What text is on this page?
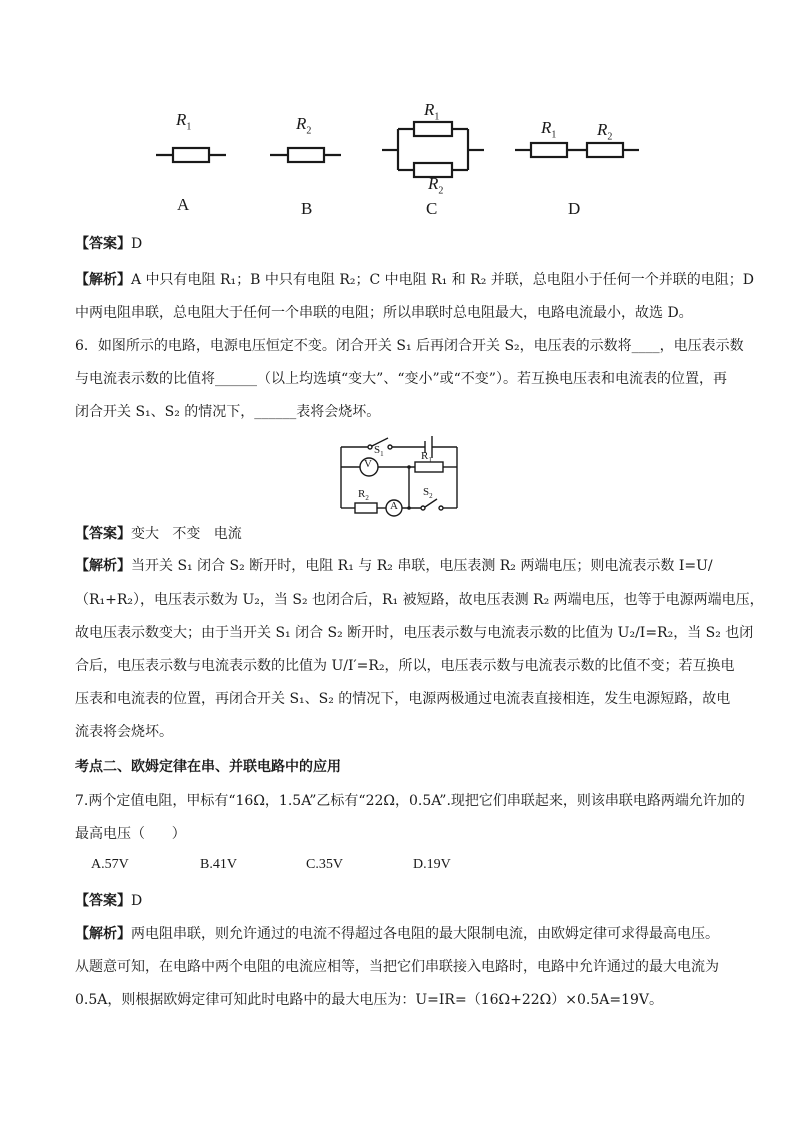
$R_1$	$R_2$
$R_1$
$R_2$
$R_1$ $R_2$
A	B	C	D
【答案】D
【解析】A 中只有电阻 R₁；B 中只有电阻 R₂；C 中电阻 R₁ 和 R₂ 并联，总电阻小于任何一个并联的电阻；D
中两电阻串联，总电阻大于任何一个串联的电阻；所以串联时总电阻最大，电路电流最小，故选 D。
6．如图所示的电路，电源电压恒定不变。闭合开关 S₁ 后再闭合开关 S₂，电压表的示数将____，电压表示数
与电流表示数的比值将______（以上均选填“变大”、“变小”或“不变”）。若互换电压表和电流表的位置，再
闭合开关 S₁、S₂ 的情况下，______表将会烧坏。
V
A
$S_1$	$R_1$
$R_2$
$S_2$
【答案】变大   不变   电流
【解析】当开关 S₁ 闭合 S₂ 断开时，电阻 R₁ 与 R₂ 串联，电压表测 R₂ 两端电压；则电流表示数 I=U/
（R₁+R₂），电压表示数为 U₂，当 S₂ 也闭合后，R₁ 被短路，故电压表测 R₂ 两端电压，也等于电源两端电压，
故电压表示数变大；由于当开关 S₁ 闭合 S₂ 断开时，电压表示数与电流表示数的比值为 U₂/I=R₂，当 S₂ 也闭
合后，电压表示数与电流表示数的比值为 U/I′=R₂，所以，电压表示数与电流表示数的比值不变；若互换电
压表和电流表的位置，再闭合开关 S₁、S₂ 的情况下，电源两极通过电流表直接相连，发生电源短路，故电
流表将会烧坏。
考点二、欧姆定律在串、并联电路中的应用
7.两个定值电阻，甲标有“16Ω，1.5A”乙标有“22Ω，0.5A”.现把它们串联起来，则该串联电路两端允许加的
最高电压（      ）
A.57V	B.41V	C.35V	D.19V
【答案】D
【解析】两电阻串联，则允许通过的电流不得超过各电阻的最大限制电流，由欧姆定律可求得最高电压。
从题意可知，在电路中两个电阻的电流应相等，当把它们串联接入电路时，电路中允许通过的最大电流为
0.5A，则根据欧姆定律可知此时电路中的最大电压为：U=IR=（16Ω+22Ω）×0.5A=19V。
